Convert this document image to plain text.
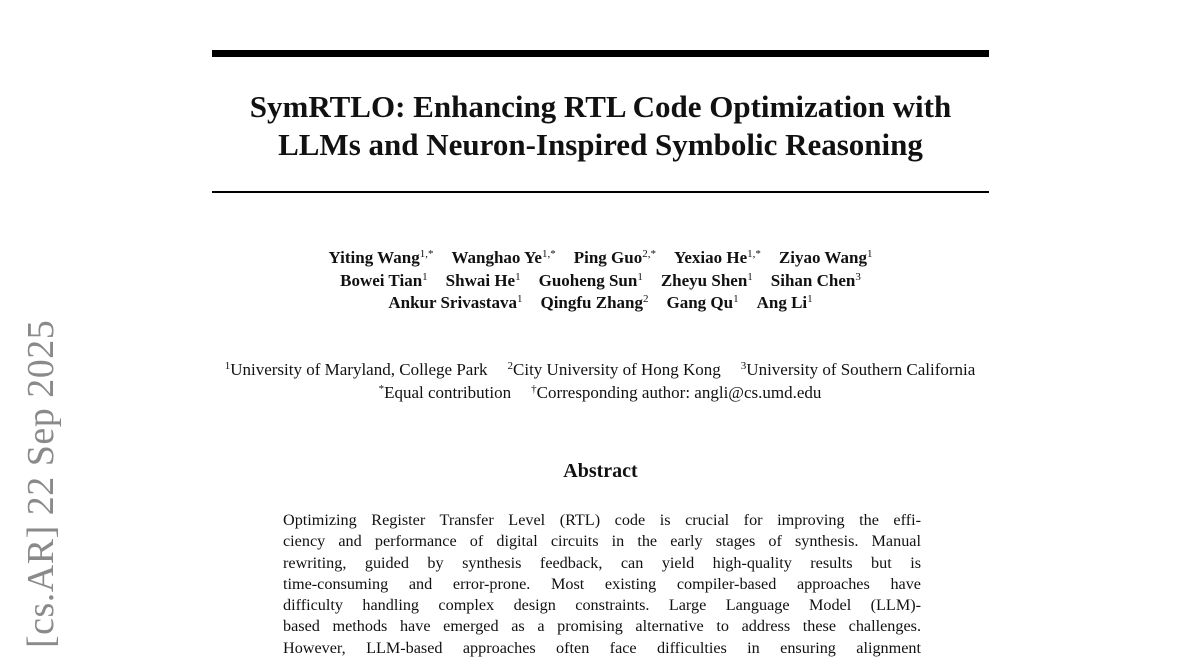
[cs.AR] 22 Sep 2025
SymRTLO: Enhancing RTL Code Optimization with
LLMs and Neuron-Inspired Symbolic Reasoning
Yiting Wang$^{1,*}$ Wanghao $Ye^{1,*}$ Ping Guo$^{2,*}$ Yexiao $He^{1,*}$ Ziyao Wang$^1$
Bowei Tian$^1$ Shwai He$^1$ Guoheng Sun$^1$ Zheyu Shen$^1$ Sihan Chen$^3$
Ankur Srivastava$^1$ Qingfu Zhang$^2$ Gang Qu$^1$ Ang Li$^1$
$^1$University of Maryland, College Park $^2$City University of Hong Kong $^3$University of Southern California
*Equal contribution †Corresponding author: angli@cs.umd.edu
Abstract
Optimizing Register Transfer Level (RTL) code is crucial for improving the effi-
ciency and performance of digital circuits in the early stages of synthesis. Manual
rewriting, guided by synthesis feedback, can yield high-quality results but is
time-consuming and error-prone. Most existing compiler-based approaches have
difficulty handling complex design constraints. Large Language Model (LLM)-
based methods have emerged as a promising alternative to address these challenges.
However, LLM-based approaches often face difficulties in ensuring alignment
